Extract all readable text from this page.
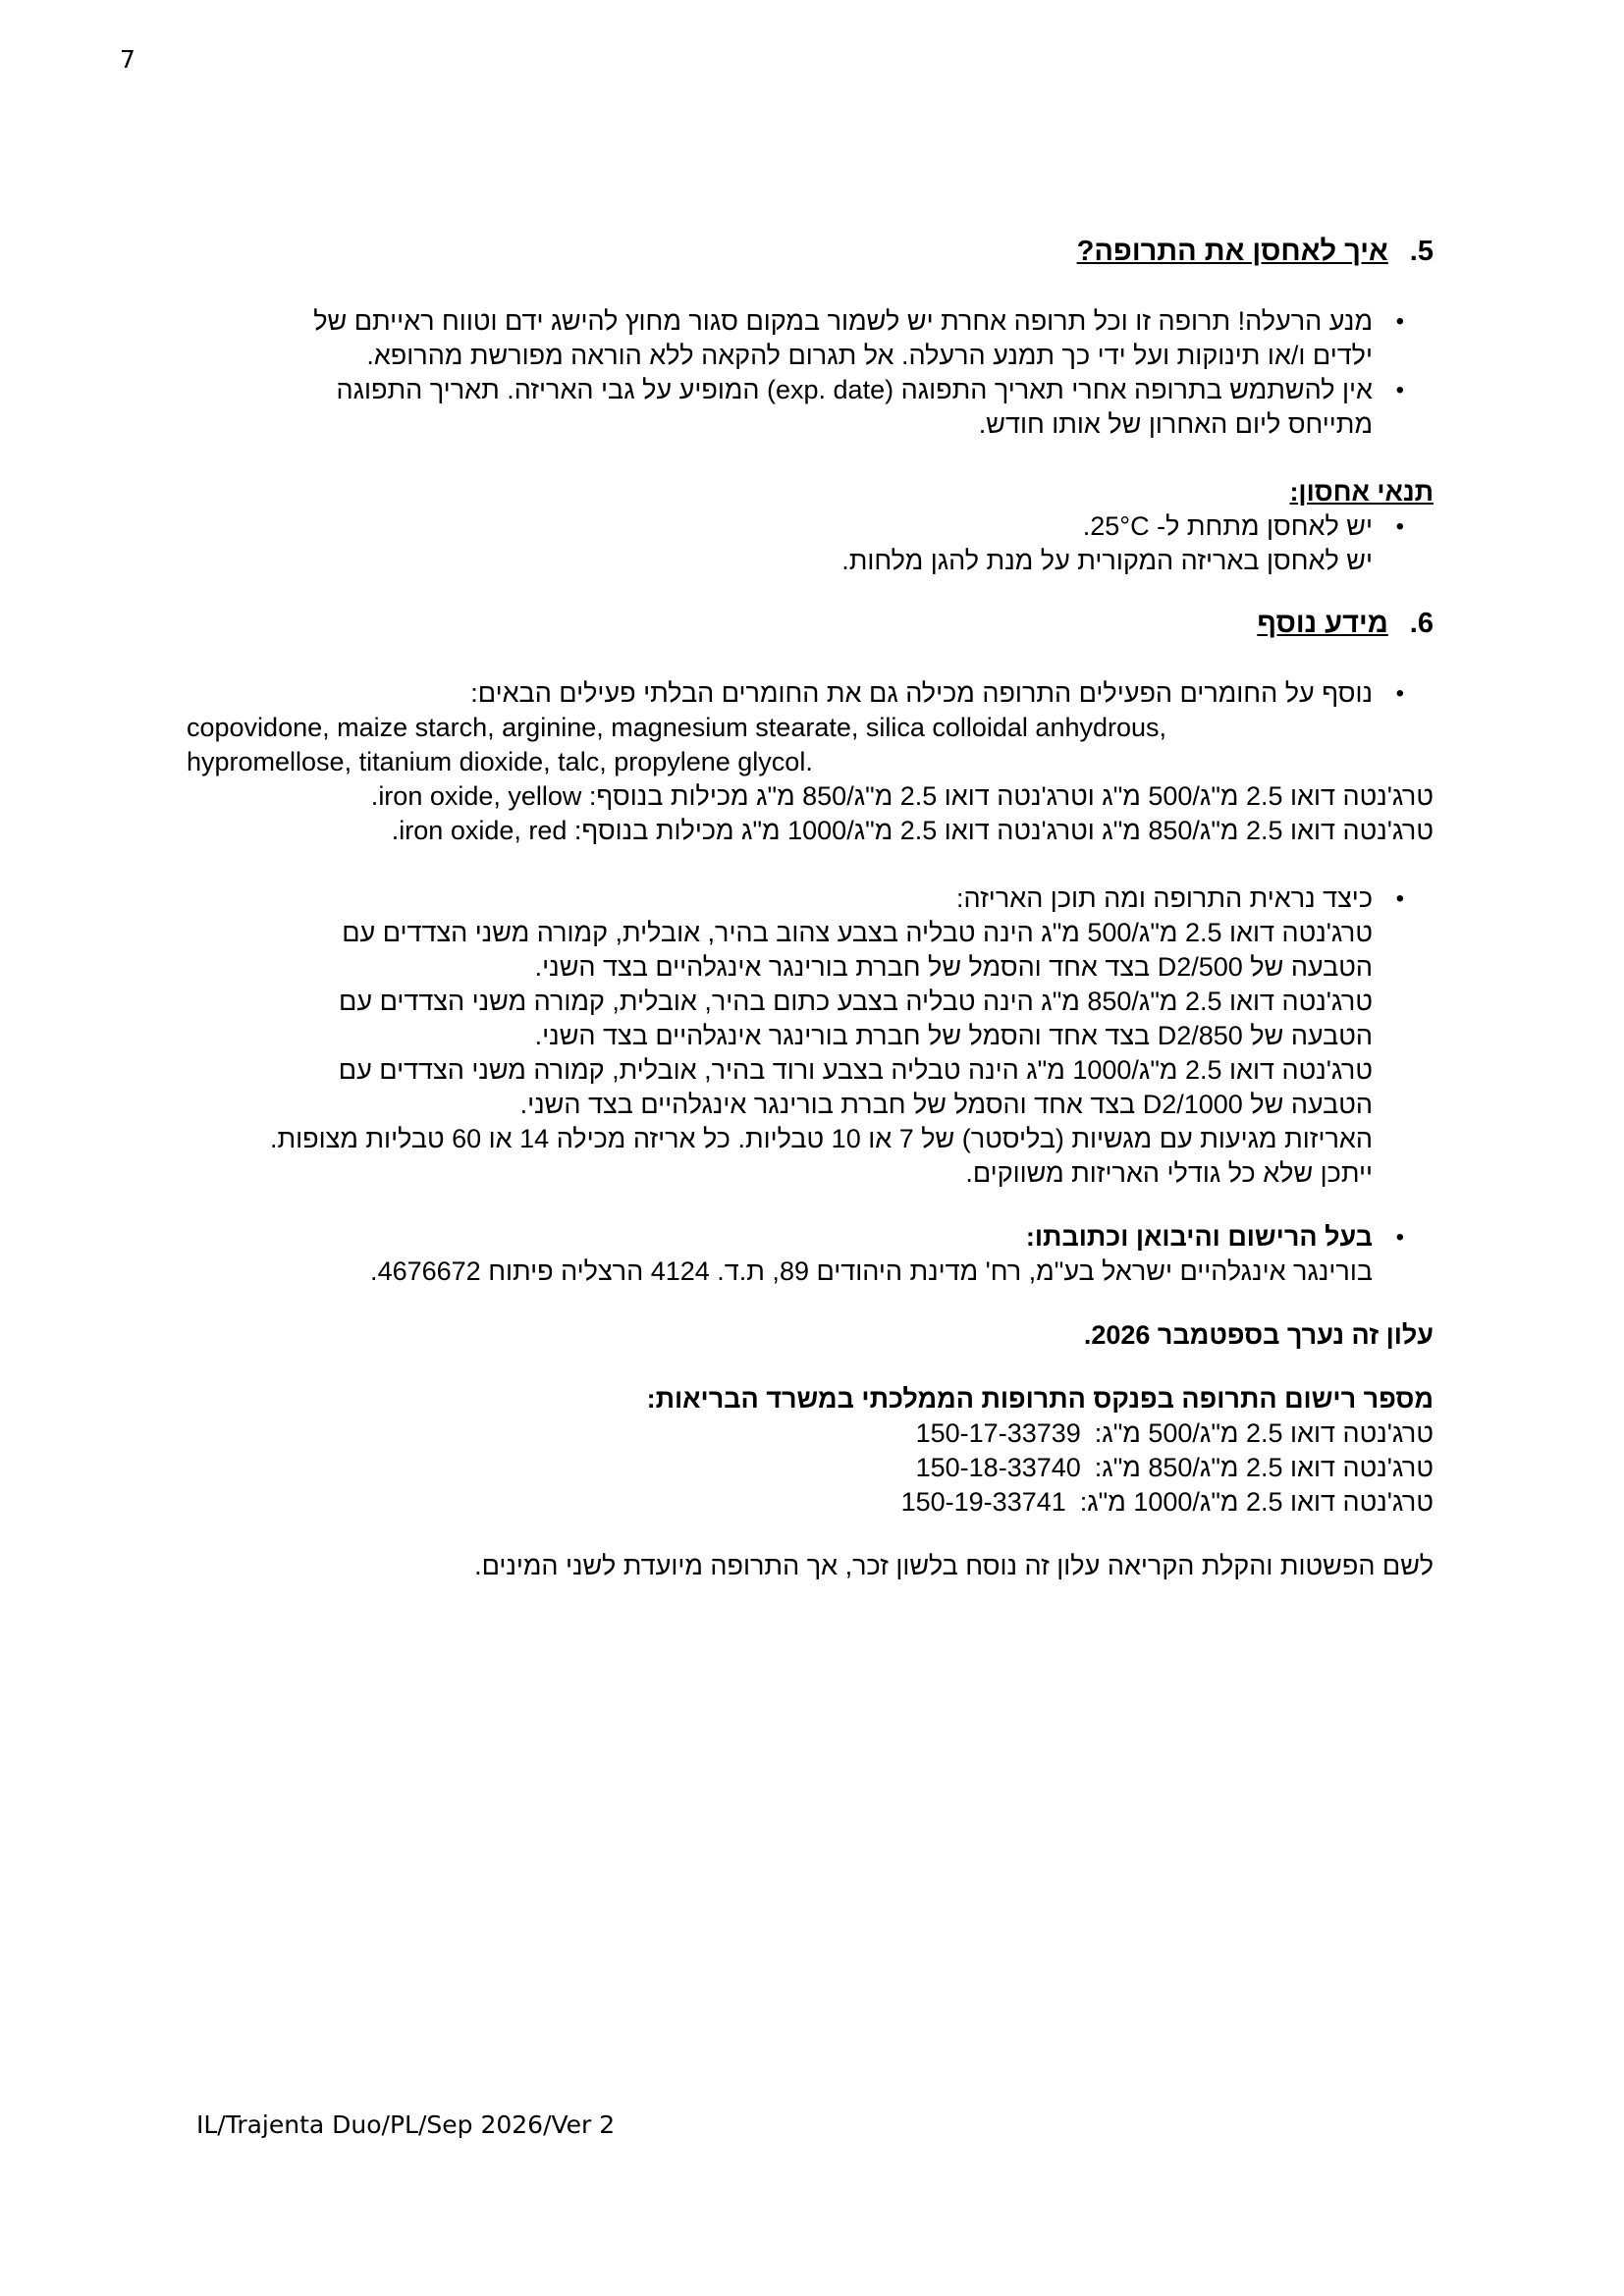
7
5.
איך לאחסן את התרופה?
• מנע הרעלה! תרופה זו וכל תרופה אחרת יש לשמור במקום סגור מחוץ להישג ידם וטווח ראייתם של
ילדים ו/או תינוקות ועל ידי כך תמנע הרעלה. אל תגרום להקאה ללא הוראה מפורשת מהרופא.
• אין להשתמש בתרופה אחרי תאריך התפוגה (exp. date) המופיע על גבי האריזה. תאריך התפוגה
מתייחס ליום האחרון של אותו חודש.
תנאי אחסון:
• יש לאחסן מתחת ל- 25°C.
יש לאחסן באריזה המקורית על מנת להגן מלחות.
6.
מידע נוסף
• נוסף על החומרים הפעילים התרופה מכילה גם את החומרים הבלתי פעילים הבאים:
copovidone, maize starch, arginine, magnesium stearate, silica colloidal anhydrous,
hypromellose, titanium dioxide, talc, propylene glycol.
טרג'נטה דואו 2.5 מ"ג/500 מ"ג וטרג'נטה דואו 2.5 מ"ג/850 מ"ג מכילות בנוסף: iron oxide, yellow.
טרג'נטה דואו 2.5 מ"ג/850 מ"ג וטרג'נטה דואו 2.5 מ"ג/1000 מ"ג מכילות בנוסף: iron oxide, red.
• כיצד נראית התרופה ומה תוכן האריזה:
טרג'נטה דואו 2.5 מ"ג/500 מ"ג הינה טבליה בצבע צהוב בהיר, אובלית, קמורה משני הצדדים עם
הטבעה של D2/500 בצד אחד והסמל של חברת בורינגר אינגלהיים בצד השני.
טרג'נטה דואו 2.5 מ"ג/850 מ"ג הינה טבליה בצבע כתום בהיר, אובלית, קמורה משני הצדדים עם
הטבעה של D2/850 בצד אחד והסמל של חברת בורינגר אינגלהיים בצד השני.
טרג'נטה דואו 2.5 מ"ג/1000 מ"ג הינה טבליה בצבע ורוד בהיר, אובלית, קמורה משני הצדדים עם
הטבעה של D2/1000 בצד אחד והסמל של חברת בורינגר אינגלהיים בצד השני.
האריזות מגיעות עם מגשיות (בליסטר) של 7 או 10 טבליות. כל אריזה מכילה 14 או 60 טבליות מצופות.
ייתכן שלא כל גודלי האריזות משווקים.
• בעל הרישום והיבואן וכתובתו:
בורינגר אינגלהיים ישראל בע"מ, רח' מדינת היהודים 89, ת.ד. 4124 הרצליה פיתוח 4676672.
עלון זה נערך בספטמבר 2026.
מספר רישום התרופה בפנקס התרופות הממלכתי במשרד הבריאות:
טרג'נטה דואו 2.5 מ"ג/500 מ"ג:150-17-33739
טרג'נטה דואו 2.5 מ"ג/850 מ"ג:150-18-33740
טרג'נטה דואו 2.5 מ"ג/1000 מ"ג:150-19-33741
לשם הפשטות והקלת הקריאה עלון זה נוסח בלשון זכר, אך התרופה מיועדת לשני המינים.
IL/Trajenta Duo/PL/Sep 2026/Ver 2
